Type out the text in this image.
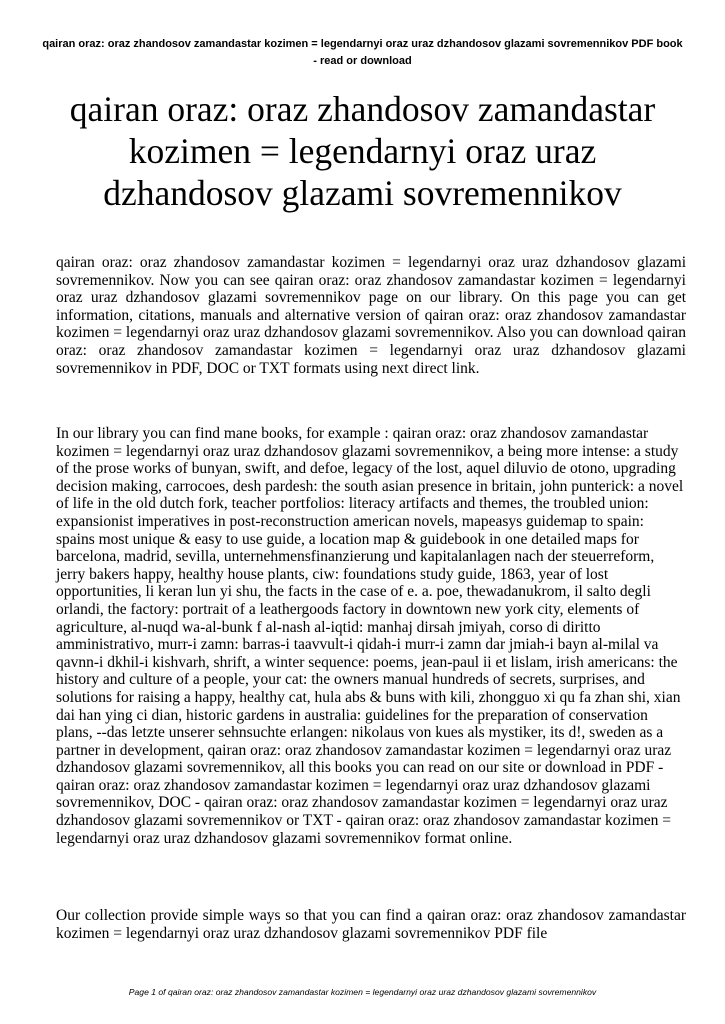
qairan oraz: oraz zhandosov zamandastar kozimen = legendarnyi oraz uraz dzhandosov glazami sovremennikov PDF book - read or download
qairan oraz: oraz zhandosov zamandastar kozimen = legendarnyi oraz uraz dzhandosov glazami sovremennikov

qairan oraz: oraz zhandosov zamandastar kozimen = legendarnyi oraz uraz dzhandosov glazami sovremennikov. Now you can see qairan oraz: oraz zhandosov zamandastar kozimen = legendarnyi oraz uraz dzhandosov glazami sovremennikov page on our library. On this page you can get information, citations, manuals and alternative version of qairan oraz: oraz zhandosov zamandastar kozimen = legendarnyi oraz uraz dzhandosov glazami sovremennikov. Also you can download qairan oraz: oraz zhandosov zamandastar kozimen = legendarnyi oraz uraz dzhandosov glazami sovremennikov in PDF, DOC or TXT formats using next direct link.

In our library you can find mane books, for example : qairan oraz: oraz zhandosov zamandastar kozimen = legendarnyi oraz uraz dzhandosov glazami sovremennikov, a being more intense: a study of the prose works of bunyan, swift, and defoe, legacy of the lost, aquel diluvio de otono, upgrading decision making, carrocoes, desh pardesh: the south asian presence in britain, john punterick: a novel of life in the old dutch fork, teacher portfolios: literacy artifacts and themes, the troubled union: expansionist imperatives in post-reconstruction american novels, mapeasys guidemap to spain: spains most unique & easy to use guide, a location map & guidebook in one detailed maps for barcelona, madrid, sevilla, unternehmensfinanzierung und kapitalanlagen nach der steuerreform, jerry bakers happy, healthy house plants, ciw: foundations study guide, 1863, year of lost opportunities, li keran lun yi shu, the facts in the case of e. a. poe, thewadanukrom, il salto degli orlandi, the factory: portrait of a leathergoods factory in downtown new york city, elements of agriculture, al-nuqd wa-al-bunk f al-nash al-iqtid: manhaj dirsah jmiyah, corso di diritto amministrativo, murr-i zamn: barras-i taavvult-i qidah-i murr-i zamn dar jmiah-i bayn al-milal va qavnn-i dkhil-i kishvarh, shrift, a winter sequence: poems, jean-paul ii et lislam, irish americans: the history and culture of a people, your cat: the owners manual hundreds of secrets, surprises, and solutions for raising a happy, healthy cat, hula abs & buns with kili, zhongguo xi qu fa zhan shi, xian dai han ying ci dian, historic gardens in australia: guidelines for the preparation of conservation plans, --das letzte unserer sehnsuchte erlangen: nikolaus von kues als mystiker, its d!, sweden as a partner in development, qairan oraz: oraz zhandosov zamandastar kozimen = legendarnyi oraz uraz dzhandosov glazami sovremennikov, all this books you can read on our site or download in PDF - qairan oraz: oraz zhandosov zamandastar kozimen = legendarnyi oraz uraz dzhandosov glazami sovremennikov, DOC - qairan oraz: oraz zhandosov zamandastar kozimen = legendarnyi oraz uraz dzhandosov glazami sovremennikov or TXT - qairan oraz: oraz zhandosov zamandastar kozimen = legendarnyi oraz uraz dzhandosov glazami sovremennikov format online.

Our collection provide simple ways so that you can find a qairan oraz: oraz zhandosov zamandastar kozimen = legendarnyi oraz uraz dzhandosov glazami sovremennikov PDF file

Page 1 of qairan oraz: oraz zhandosov zamandastar kozimen = legendarnyi oraz uraz dzhandosov glazami sovremennikov
